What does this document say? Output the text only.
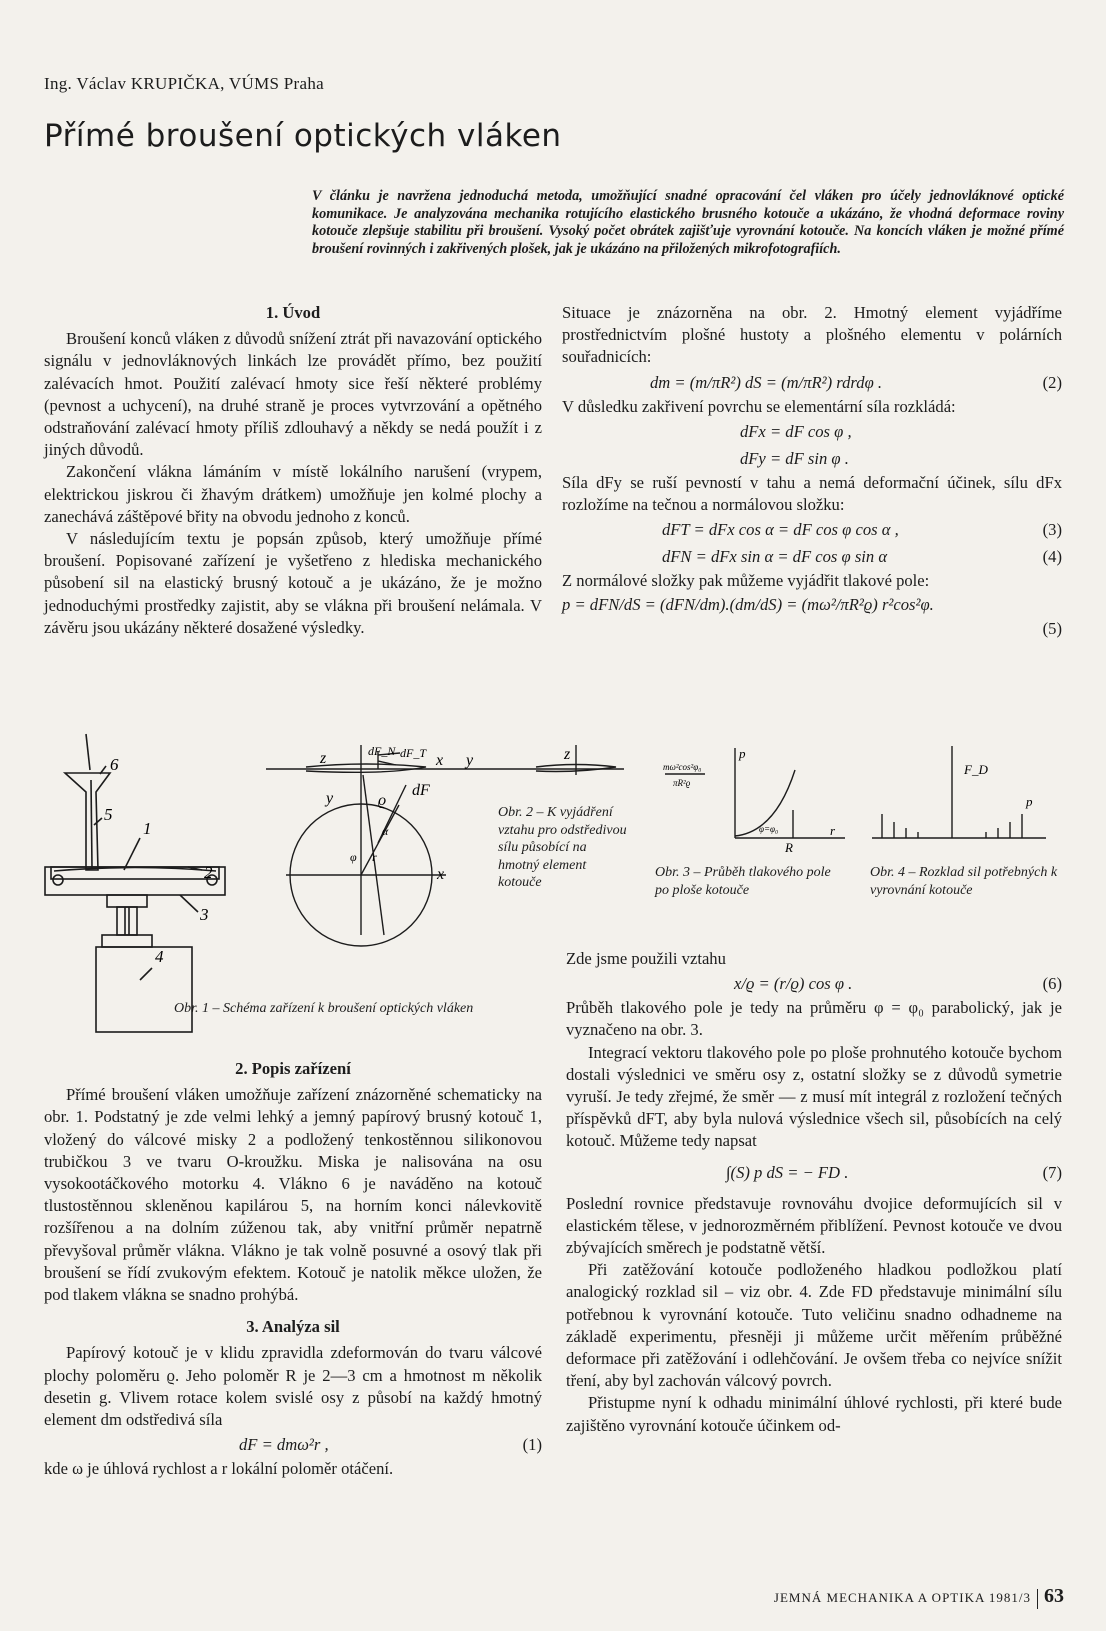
Ing. Václav KRUPIČKA, VÚMS Praha
Přímé broušení optických vláken
V článku je navržena jednoduchá metoda, umožňující snadné opracování čel vláken pro účely jednovláknové optické komunikace. Je analyzována mechanika rotujícího elastického brusného kotouče a ukázáno, že vhodná deformace roviny kotouče zlepšuje stabilitu při broušení. Vysoký počet obrátek zajišťuje vyrovnání kotouče. Na koncích vláken je možné přímé broušení rovinných i zakřivených plošek, jak je ukázáno na přiložených mikrofotografiích.

1. Úvod

Broušení konců vláken z důvodů snížení ztrát při navazování optického signálu v jednovláknových linkách lze provádět přímo, bez použití zalévacích hmot. Použití zalévací hmoty sice řeší některé problémy (pevnost a uchycení), na druhé straně je proces vytvrzování a opětného odstraňování zalévací hmoty příliš zdlouhavý a někdy se nedá použít i z jiných důvodů.

Zakončení vlákna lámáním v místě lokálního narušení (vrypem, elektrickou jiskrou či žhavým drátkem) umožňuje jen kolmé plochy a zanechává záštěpové břity na obvodu jednoho z konců.

V následujícím textu je popsán způsob, který umožňuje přímé broušení. Popisované zařízení je vyšetřeno z hlediska mechanického působení sil na elastický brusný kotouč a je ukázáno, že je možno jednoduchými prostředky zajistit, aby se vlákna při broušení nelámala. V závěru jsou ukázány některé dosažené výsledky.

Situace je znázorněna na obr. 2. Hmotný element vyjádříme prostřednictvím plošné hustoty a plošného elementu v polárních souřadnicích:

dm = (m/πR²) dS = (m/πR²) rdrdφ .	(2)

V důsledku zakřivení povrchu se elementární síla rozkládá:

dFx = dF cos φ ,
dFy = dF sin φ .

Síla dFy se ruší pevností v tahu a nemá deformační účinek, sílu dFx rozložíme na tečnou a normálovou složku:

dFT = dFx cos α = dF cos φ cos α ,	(3)
dFN = dFx sin α = dF cos φ sin α	(4)

Z normálové složky pak můžeme vyjádřit tlakové pole:

p = dFN/dS = (dFN/dm).(dm/dS) = (mω²/πR²ϱ) r²cos²φ.
(5)
1
2
3
4
5
6	z	z
x
x
y
y	ϱ
dF
dF_N dF_T
r
φ
α
Obr. 2 – K vyjádření vztahu pro odstředivou sílu působící na hmotný element kotouče
p
R
r
φ=φ₀
mω²cos²φ₀
πR²ϱ
Obr. 3 – Průběh tlakového pole po ploše kotouče
F_D
p
Obr. 4 – Rozklad sil potřebných k vyrovnání kotouče
Obr. 1 – Schéma zařízení k broušení optických vláken

2. Popis zařízení

Přímé broušení vláken umožňuje zařízení znázorněné schematicky na obr. 1. Podstatný je zde velmi lehký a jemný papírový brusný kotouč 1, vložený do válcové misky 2 a podložený tenkostěnnou silikonovou trubičkou 3 ve tvaru O-kroužku. Miska je nalisována na osu vysokootáčkového motorku 4. Vlákno 6 je naváděno na kotouč tlustostěnnou skleněnou kapilárou 5, na horním konci nálevkovitě rozšířenou a na dolním zúženou tak, aby vnitřní průměr nepatrně převyšoval průměr vlákna. Vlákno je tak volně posuvné a osový tlak při broušení se řídí zvukovým efektem. Kotouč je natolik měkce uložen, že pod tlakem vlákna se snadno prohýbá.

3. Analýza sil

Papírový kotouč je v klidu zpravidla zdeformován do tvaru válcové plochy poloměru ϱ. Jeho poloměr R je 2—3 cm a hmotnost m několik desetin g. Vlivem rotace kolem svislé osy z působí na každý hmotný element dm odstředivá síla

dF = dmω²r ,	(1)

kde ω je úhlová rychlost a r lokální poloměr otáčení.

Zde jsme použili vztahu

x/ϱ = (r/ϱ) cos φ .	(6)

Průběh tlakového pole je tedy na průměru φ = φ₀ parabolický, jak je vyznačeno na obr. 3.

Integrací vektoru tlakového pole po ploše prohnutého kotouče bychom dostali výslednici ve směru osy z, ostatní složky se z důvodů symetrie vyruší. Je tedy zřejmé, že směr — z musí mít integrál z rozložení tečných příspěvků dFT, aby byla nulová výslednice všech sil, působících na celý kotouč. Můžeme tedy napsat

∫(S) p dS = − FD .	(7)

Poslední rovnice představuje rovnováhu dvojice deformujících sil v elastickém tělese, v jednorozměrném přiblížení. Pevnost kotouče ve dvou zbývajících směrech je podstatně větší.

Při zatěžování kotouče podloženého hladkou podložkou platí analogický rozklad sil – viz obr. 4. Zde FD představuje minimální sílu potřebnou k vyrovnání kotouče. Tuto veličinu snadno odhadneme na základě experimentu, přesněji ji můžeme určit měřením průběžné deformace při zatěžování i odlehčování. Je ovšem třeba co nejvíce snížit tření, aby byl zachován válcový povrch.

Přistupme nyní k odhadu minimální úhlové rychlosti, při které bude zajištěno vyrovnání kotouče účinkem od-

JEMNÁ MECHANIKA A OPTIKA 1981/3 63
